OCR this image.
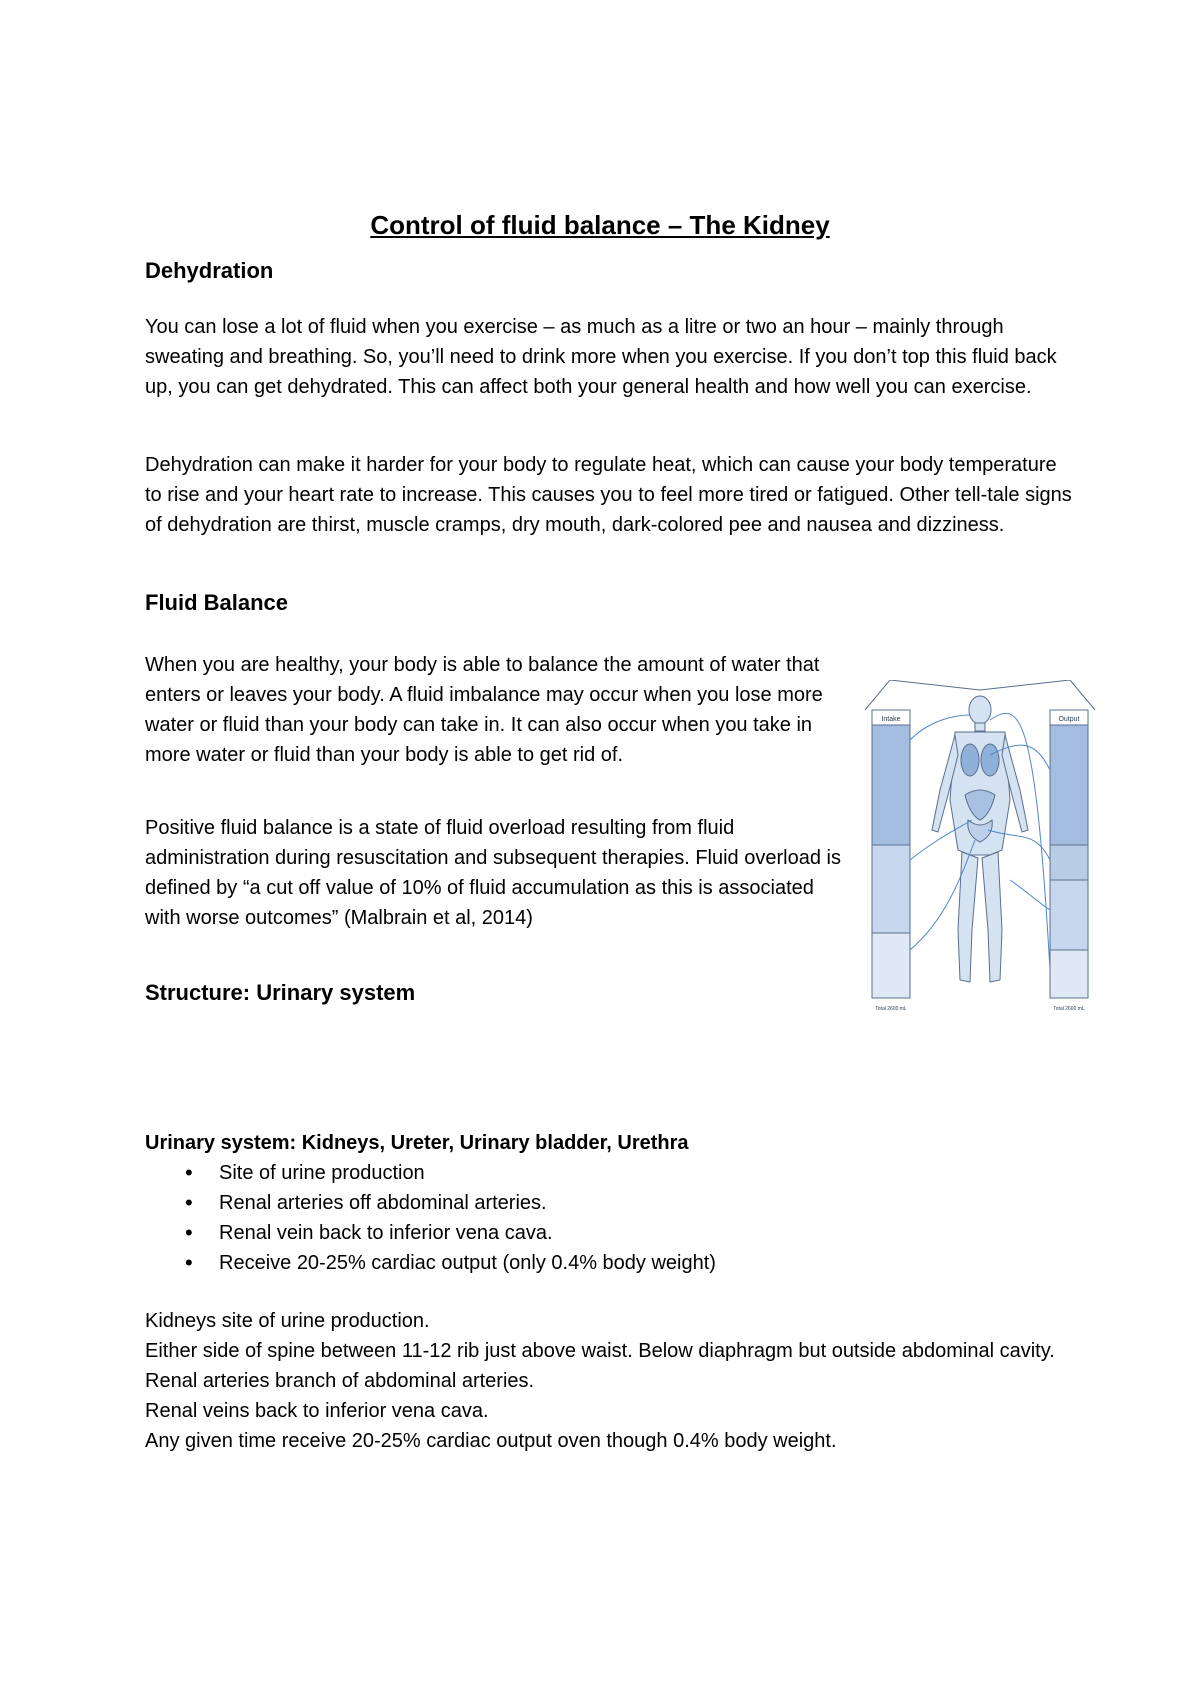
Control of fluid balance – The Kidney
Dehydration

You can lose a lot of fluid when you exercise – as much as a litre or two an hour – mainly through sweating and breathing. So, you’ll need to drink more when you exercise. If you don’t top this fluid back up, you can get dehydrated. This can affect both your general health and how well you can exercise.

Dehydration can make it harder for your body to regulate heat, which can cause your body temperature to rise and your heart rate to increase. This causes you to feel more tired or fatigued. Other tell-tale signs of dehydration are thirst, muscle cramps, dry mouth, dark-colored pee and nausea and dizziness.

Fluid Balance

When you are healthy, your body is able to balance the amount of water that enters or leaves your body. A fluid imbalance may occur when you lose more water or fluid than your body can take in. It can also occur when you take in more water or fluid than your body is able to get rid of.

Positive fluid balance is a state of fluid overload resulting from fluid administration during resuscitation and subsequent therapies. Fluid overload is defined by “a cut off value of 10% of fluid accumulation as this is associated with worse outcomes” (Malbrain et al, 2014)

Intake	Output
Total 2600 mL	Total 2600 mL
Structure: Urinary system
Urinary system: Kidneys, Ureter, Urinary bladder, Urethra
• Site of urine production
• Renal arteries off abdominal arteries.
• Renal vein back to inferior vena cava.
• Receive 20-25% cardiac output (only 0.4% body weight)
Kidneys site of urine production.
Either side of spine between 11-12 rib just above waist. Below diaphragm but outside abdominal cavity.
Renal arteries branch of abdominal arteries.
Renal veins back to inferior vena cava.
Any given time receive 20-25% cardiac output oven though 0.4% body weight.
